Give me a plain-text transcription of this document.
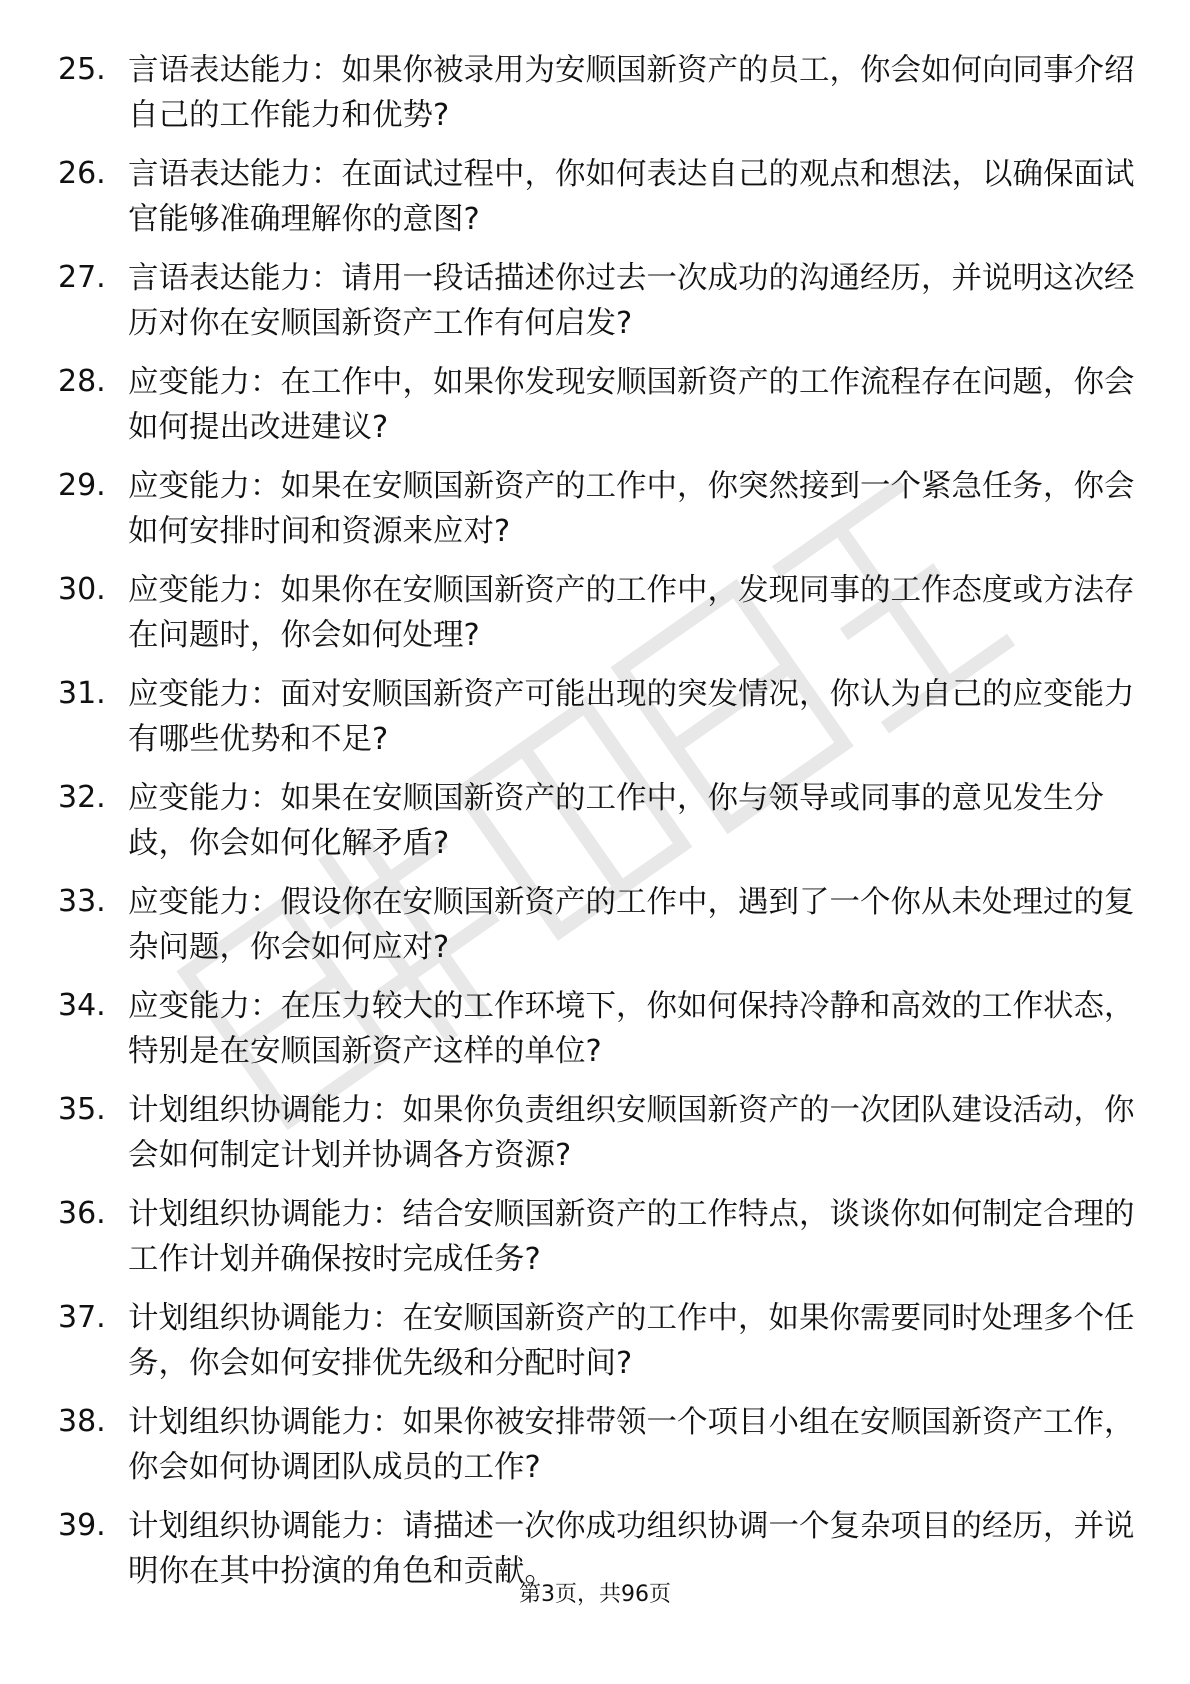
25. 言语表达能力：如果你被录用为安顺国新资产的员工，你会如何向同事介绍自己的工作能力和优势?
26. 言语表达能力：在面试过程中，你如何表达自己的观点和想法，以确保面试官能够准确理解你的意图?
27. 言语表达能力：请用一段话描述你过去一次成功的沟通经历，并说明这次经历对你在安顺国新资产工作有何启发?
28. 应变能力：在工作中，如果你发现安顺国新资产的工作流程存在问题，你会如何提出改进建议?
29. 应变能力：如果在安顺国新资产的工作中，你突然接到一个紧急任务，你会如何安排时间和资源来应对?
30. 应变能力：如果你在安顺国新资产的工作中，发现同事的工作态度或方法存在问题时，你会如何处理?
31. 应变能力：面对安顺国新资产可能出现的突发情况，你认为自己的应变能力有哪些优势和不足?
32. 应变能力：如果在安顺国新资产的工作中，你与领导或同事的意见发生分歧，你会如何化解矛盾?
33. 应变能力：假设你在安顺国新资产的工作中，遇到了一个你从未处理过的复杂问题，你会如何应对?
34. 应变能力：在压力较大的工作环境下，你如何保持冷静和高效的工作状态，特别是在安顺国新资产这样的单位?
35. 计划组织协调能力：如果你负责组织安顺国新资产的一次团队建设活动，你会如何制定计划并协调各方资源?
36. 计划组织协调能力：结合安顺国新资产的工作特点，谈谈你如何制定合理的工作计划并确保按时完成任务?
37. 计划组织协调能力：在安顺国新资产的工作中，如果你需要同时处理多个任务，你会如何安排优先级和分配时间?
38. 计划组织协调能力：如果你被安排带领一个项目小组在安顺国新资产工作，你会如何协调团队成员的工作?
39. 计划组织协调能力：请描述一次你成功组织协调一个复杂项目的经历，并说明你在其中扮演的角色和贡献。
第3页，共96页
